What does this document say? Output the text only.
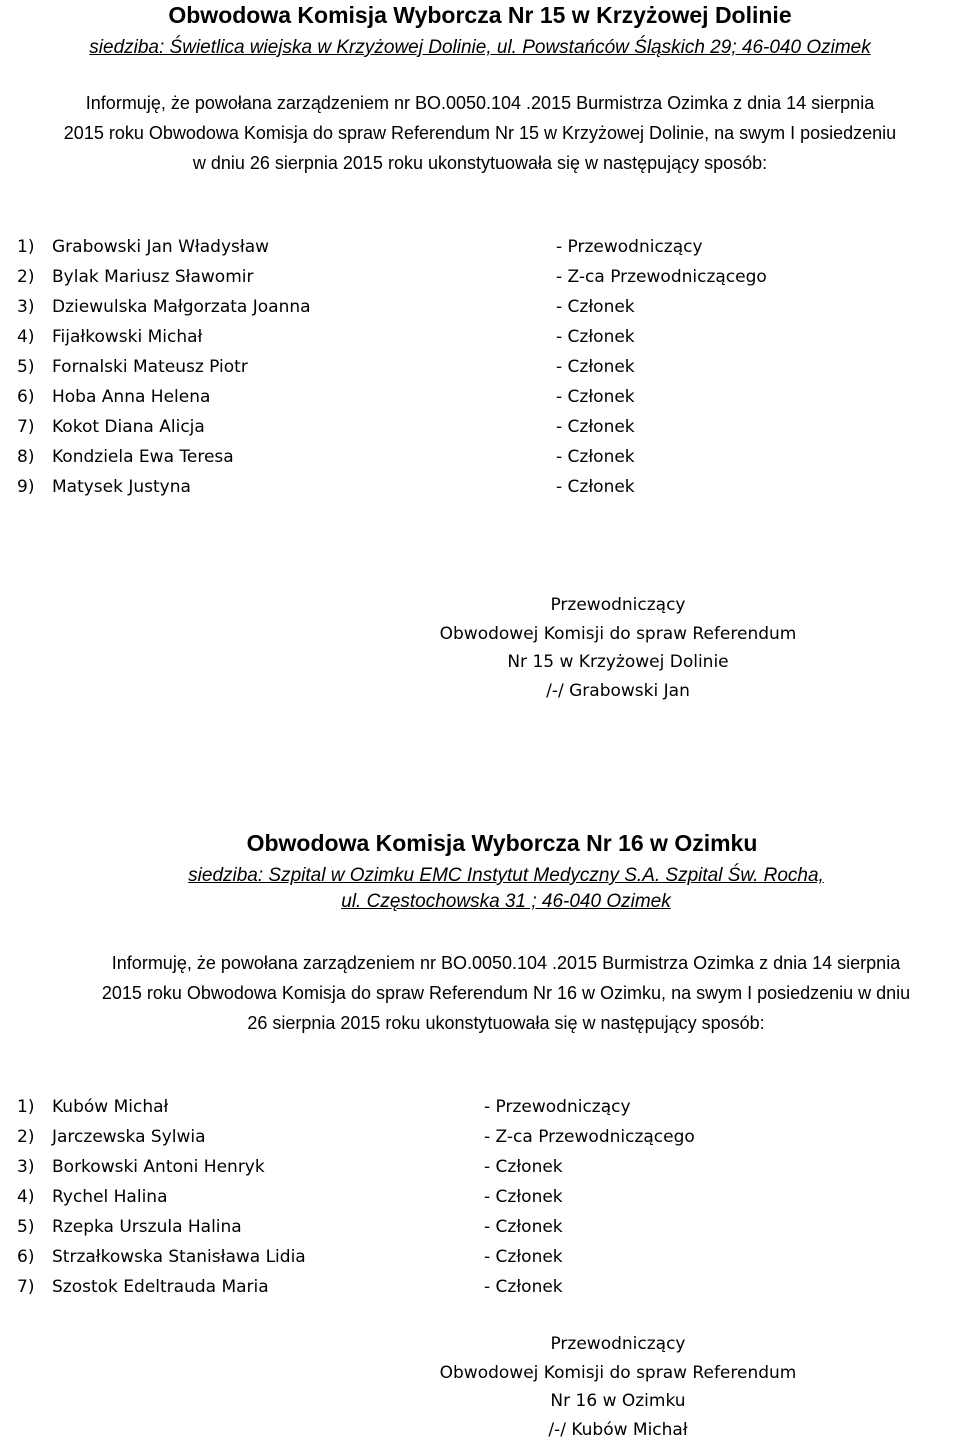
Obwodowa Komisja Wyborcza Nr 15 w Krzyżowej Dolinie
siedziba: Świetlica wiejska w Krzyżowej Dolinie, ul. Powstańców Śląskich 29; 46-040 Ozimek
Informuję, że powołana zarządzeniem nr BO.0050.104 .2015 Burmistrza Ozimka z dnia 14 sierpnia
2015 roku Obwodowa Komisja do spraw Referendum Nr 15 w Krzyżowej Dolinie, na swym I posiedzeniu
w dniu 26 sierpnia 2015 roku ukonstytuowała się w następujący sposób:
1) Grabowski Jan Władysław	- Przewodniczący
2) Bylak Mariusz Sławomir	- Z-ca Przewodniczącego
3) Dziewulska Małgorzata Joanna	- Członek
4) Fijałkowski Michał	- Członek
5) Fornalski Mateusz Piotr	- Członek
6) Hoba Anna Helena	- Członek
7) Kokot Diana Alicja	- Członek
8) Kondziela Ewa Teresa	- Członek
9) Matysek Justyna	- Członek
Przewodniczący
Obwodowej Komisji do spraw Referendum
Nr 15 w Krzyżowej Dolinie
/-/ Grabowski Jan
Obwodowa Komisja Wyborcza Nr 16 w Ozimku
siedziba: Szpital w Ozimku EMC Instytut Medyczny S.A. Szpital Św. Rocha,
ul. Częstochowska 31 ; 46-040 Ozimek
Informuję, że powołana zarządzeniem nr BO.0050.104 .2015 Burmistrza Ozimka z dnia 14 sierpnia
2015 roku Obwodowa Komisja do spraw Referendum Nr 16 w Ozimku, na swym I posiedzeniu w dniu
26 sierpnia 2015 roku ukonstytuowała się w następujący sposób:
1) Kubów Michał	- Przewodniczący
2) Jarczewska Sylwia	- Z-ca Przewodniczącego
3) Borkowski Antoni Henryk	- Członek
4) Rychel Halina	- Członek
5) Rzepka Urszula Halina	- Członek
6) Strzałkowska Stanisława Lidia	- Członek
7) Szostok Edeltrauda Maria	- Członek
Przewodniczący
Obwodowej Komisji do spraw Referendum
Nr 16 w Ozimku
/-/ Kubów Michał
